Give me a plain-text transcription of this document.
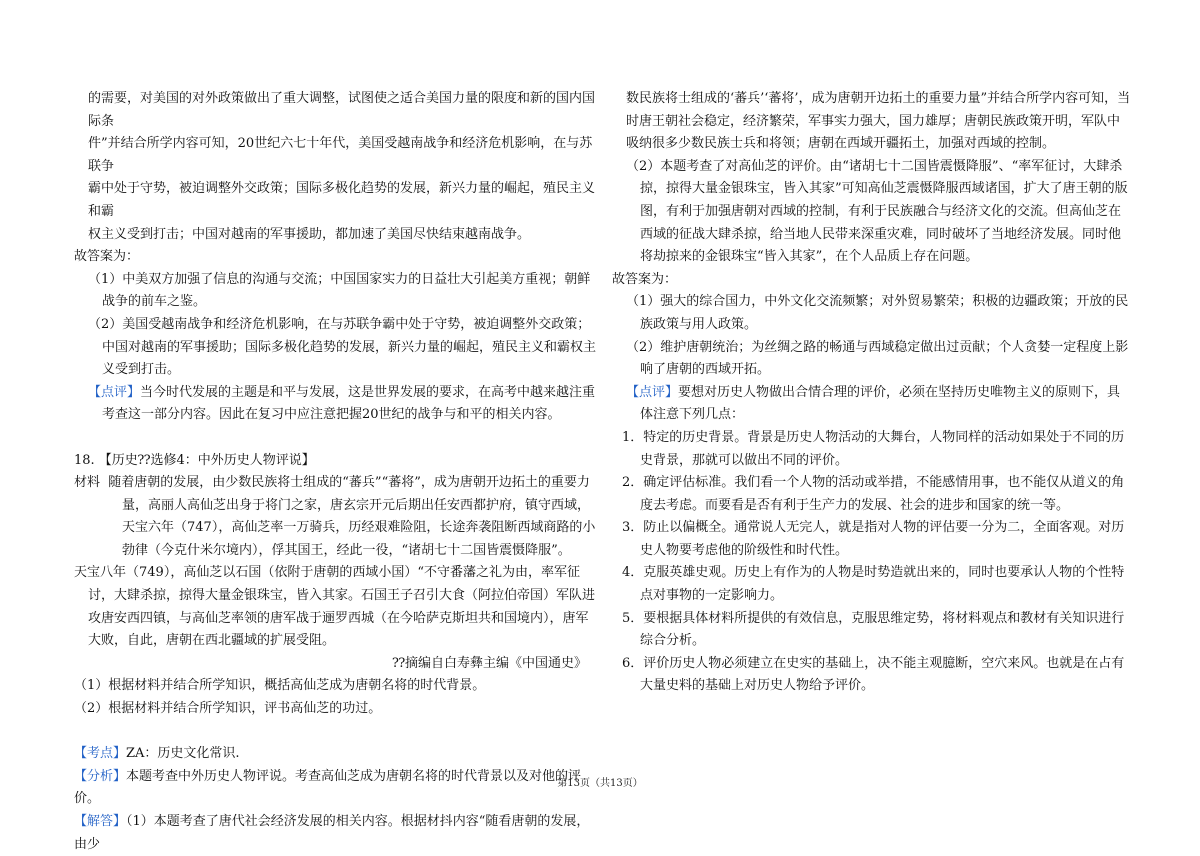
的需要，对美国的对外政策做出了重大调整，试图使之适合美国力量的限度和新的国内国际条

件”并结合所学内容可知，20世纪六七十年代，美国受越南战争和经济危机影响，在与苏联争

霸中处于守势，被迫调整外交政策；国际多极化趋势的发展，新兴力量的崛起，殖民主义和霸

权主义受到打击；中国对越南的军事援助，都加速了美国尽快结束越南战争。

故答案为：

（1）中美双方加强了信息的沟通与交流；中国国家实力的日益壮大引起美方重视；朝鲜战争的前车之鉴。

（2）美国受越南战争和经济危机影响，在与苏联争霸中处于守势，被迫调整外交政策；中国对越南的军事援助；国际多极化趋势的发展，新兴力量的崛起，殖民主义和霸权主义受到打击。

【点评】当今时代发展的主题是和平与发展，这是世界发展的要求，在高考中越来越注重考查这一部分内容。因此在复习中应注意把握20世纪的战争与和平的相关内容。

18. 【历史⁇选修4：中外历史人物评说】

材料 随着唐朝的发展，由少数民族将士组成的“蕃兵”“蕃将”，成为唐朝开边拓土的重要力量，高丽人高仙芝出身于将门之家，唐玄宗开元后期出任安西都护府，镇守西域，天宝六年（747），高仙芝率一万骑兵，历经艰难险阻，长途奔袭阻断西域商路的小勃律（今克什米尔境内），俘其国王，经此一役，“诸胡七十二国皆震慑降服”。

天宝八年（749），高仙芝以石国（依附于唐朝的西域小国）“不守番藩之礼为由，率军征讨，大肆杀掠，掠得大量金银珠宝，皆入其家。石国王子召引大食（阿拉伯帝国）军队进攻唐安西四镇，与高仙芝率领的唐军战于逦罗西城（在今哈萨克斯坦共和国境内），唐军大败，自此，唐朝在西北疆域的扩展受阻。

⁇摘编自白寿彝主编《中国通史》

（1）根据材料并结合所学知识，概括高仙芝成为唐朝名将的时代背景。

（2）根据材料并结合所学知识，评书高仙芝的功过。

【考点】ZA：历史文化常识.

【分析】本题考查中外历史人物评说。考查高仙芝成为唐朝名将的时代背景以及对他的评价。

【解答】（1）本题考查了唐代社会经济发展的相关内容。根据材抖内容“随看唐朝的发展，由少

数民族将士组成的‘蕃兵’‘蕃将’，成为唐朝开边拓土的重要力量”并结合所学内容可知，当时唐王朝社会稳定，经济繁荣，军事实力强大，国力雄厚；唐朝民族政策开明，军队中吸纳很多少数民族士兵和将领；唐朝在西域开疆拓土，加强对西域的控制。

（2）本题考查了对高仙芝的评价。由“诸胡七十二国皆震慑降服”、“率军征讨，大肆杀掠，掠得大量金银珠宝，皆入其家”可知高仙芝震慑降服西域诸国，扩大了唐王朝的版图，有利于加强唐朝对西域的控制，有利于民族融合与经济文化的交流。但高仙芝在西域的征战大肆杀掠，给当地人民带来深重灾难，同时破坏了当地经济发展。同时他将劫掠来的金银珠宝“皆入其家”，在个人品质上存在问题。

故答案为：

（1）强大的综合国力，中外文化交流频繁；对外贸易繁荣；积极的边疆政策；开放的民族政策与用人政策。

（2）维护唐朝统治；为丝绸之路的畅通与西域稳定做出过贡献；个人贪婪一定程度上影响了唐朝的西域开拓。

【点评】要想对历史人物做出合情合理的评价，必须在坚持历史唯物主义的原则下，具体注意下列几点：

1．特定的历史背景。背景是历史人物活动的大舞台，人物同样的活动如果处于不同的历史背景，那就可以做出不同的评价。

2．确定评估标准。我们看一个人物的活动或举措，不能感情用事，也不能仅从道义的角度去考虑。而要看是否有利于生产力的发展、社会的进步和国家的统一等。

3．防止以偏概全。通常说人无完人，就是指对人物的评估要一分为二，全面客观。对历史人物要考虑他的阶级性和时代性。

4．克服英雄史观。历史上有作为的人物是时势造就出来的，同时也要承认人物的个性特点对事物的一定影响力。

5．要根据具体材料所提供的有效信息，克服思维定势，将材料观点和教材有关知识进行综合分析。

6．评价历史人物必须建立在史实的基础上，决不能主观臆断，空穴来风。也就是在占有大量史料的基础上对历史人物给予评价。

第13页（共13页）
